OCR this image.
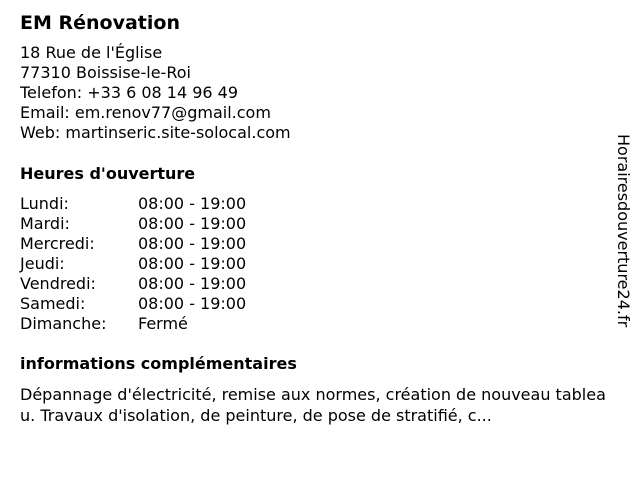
EM Rénovation
18 Rue de l'Église
77310 Boissise-le-Roi
Telefon: +33 6 08 14 96 49
Email: em.renov77@gmail.com
Web: martinseric.site-solocal.com
Heures d'ouverture
Lundi:	08:00 - 19:00
Mardi:	08:00 - 19:00
Mercredi:	08:00 - 19:00
Jeudi:	08:00 - 19:00
Vendredi:	08:00 - 19:00
Samedi:	08:00 - 19:00
Dimanche:	Fermé
informations complémentaires
Dépannage d'électricité, remise aux normes, création de nouveau tableau. Travaux d'isolation, de peinture, de pose de stratifié, c...
Horairesdouverture24.fr
